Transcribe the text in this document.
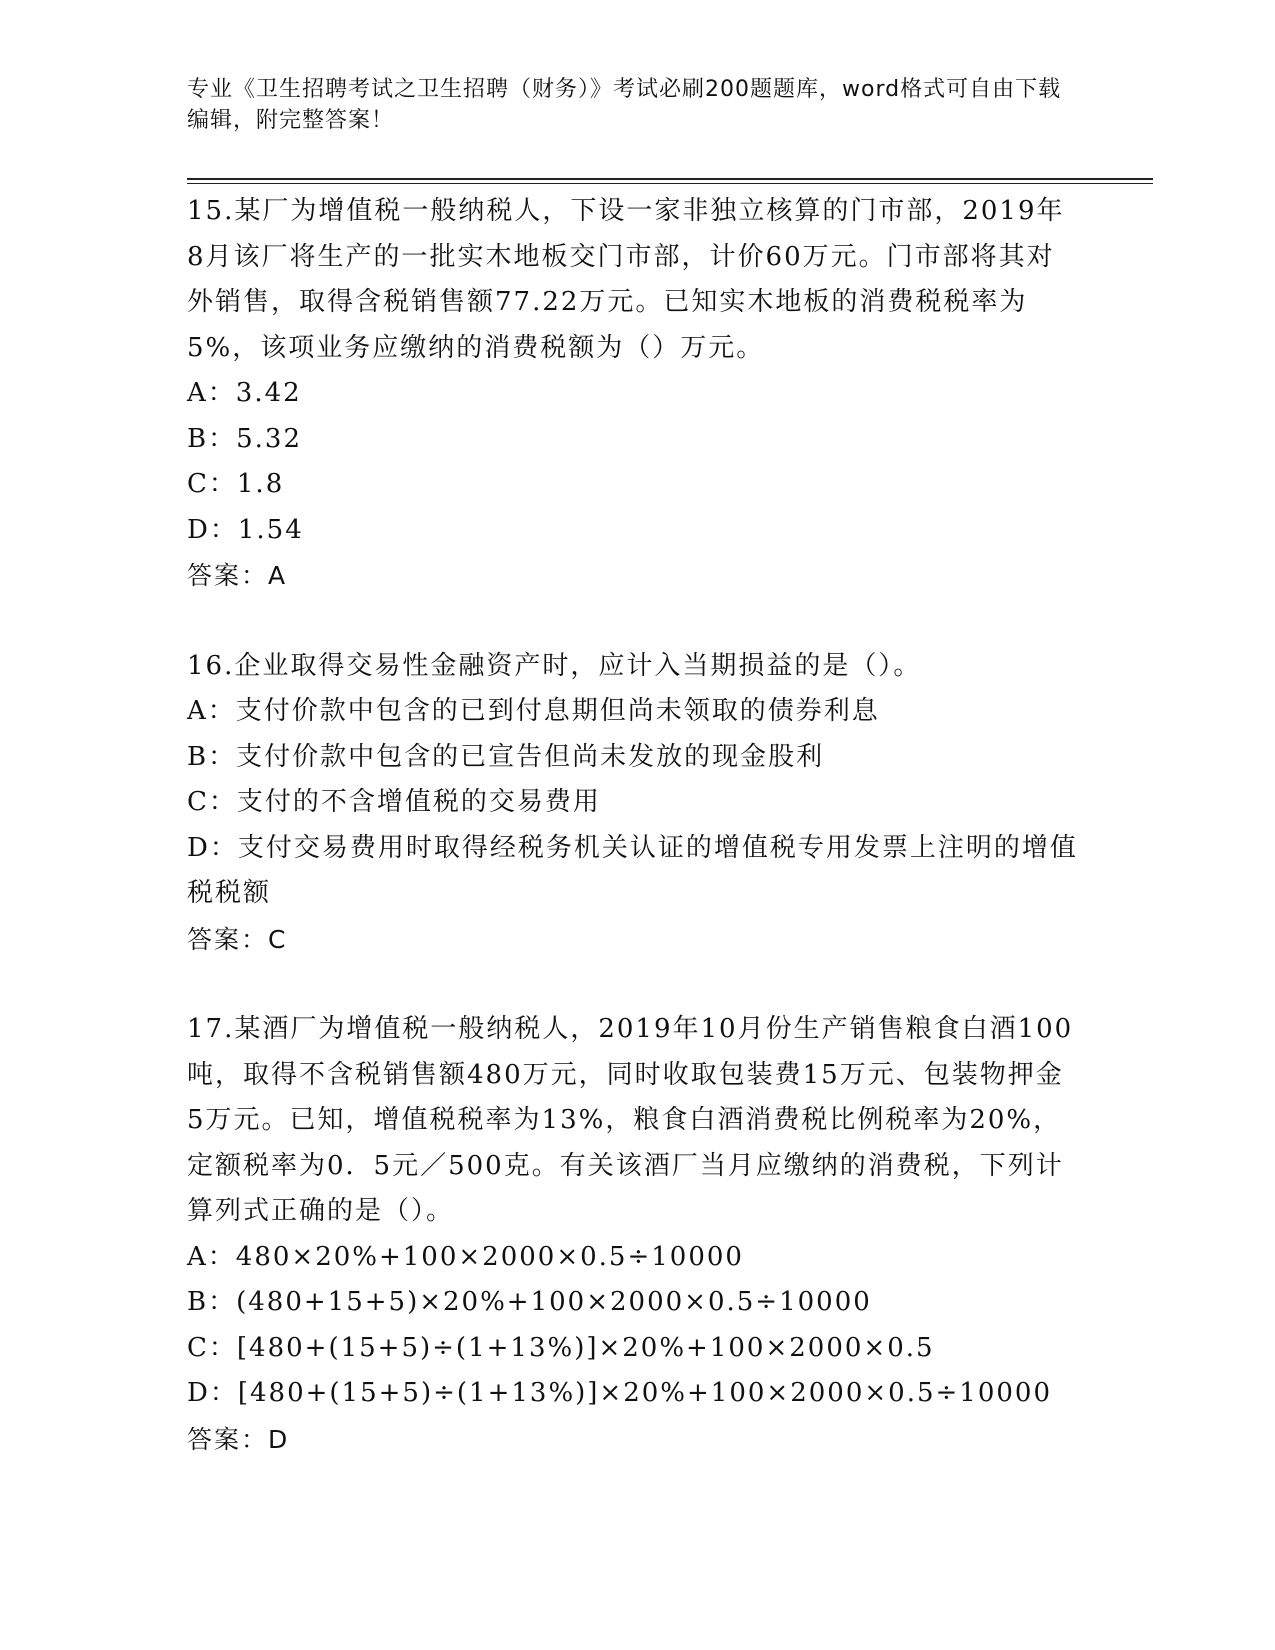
专业《卫生招聘考试之卫生招聘（财务）》考试必刷200题题库，word格式可自由下载编辑，附完整答案！

15.某厂为增值税一般纳税人，下设一家非独立核算的门市部，2019年8月该厂将生产的一批实木地板交门市部，计价60万元。门市部将其对外销售，取得含税销售额77.22万元。已知实木地板的消费税税率为5%，该项业务应缴纳的消费税额为（）万元。

A：3.42

B：5.32

C：1.8

D：1.54

答案：A

16.企业取得交易性金融资产时，应计入当期损益的是（）。

A：支付价款中包含的已到付息期但尚未领取的债券利息

B：支付价款中包含的已宣告但尚未发放的现金股利

C：支付的不含增值税的交易费用

D：支付交易费用时取得经税务机关认证的增值税专用发票上注明的增值税税额

答案：C

17.某酒厂为增值税一般纳税人，2019年10月份生产销售粮食白酒100吨，取得不含税销售额480万元，同时收取包装费15万元、包装物押金5万元。已知，增值税税率为13%，粮食白酒消费税比例税率为20%，定额税率为0．5元／500克。有关该酒厂当月应缴纳的消费税，下列计算列式正确的是（）。

A：480×20%+100×2000×0.5÷10000

B：(480+15+5)×20%+100×2000×0.5÷10000

C：[480+(15+5)÷(1+13%)]×20%+100×2000×0.5

D：[480+(15+5)÷(1+13%)]×20%+100×2000×0.5÷10000

答案：D
